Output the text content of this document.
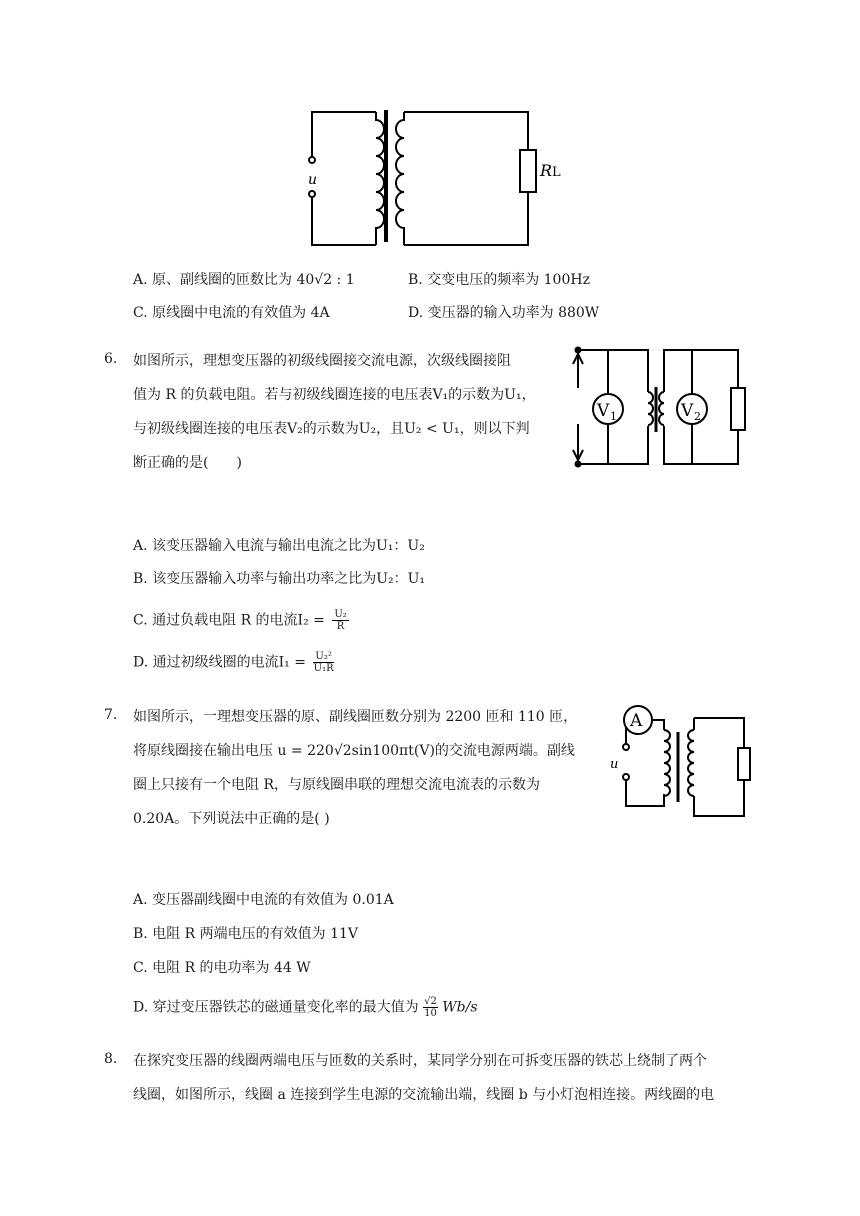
u	R L
A. 原、副线圈的匝数比为 40√2 : 1	B. 交变电压的频率为 100Hz
C. 原线圈中电流的有效值为 4A	D. 变压器的输入功率为 880W
6. 如图所示，理想变压器的初级线圈接交流电源，次级线圈接阻
值为 R 的负载电阻。若与初级线圈连接的电压表V₁的示数为U₁，
与初级线圈连接的电压表V₂的示数为U₂，且U₂ < U₁，则以下判
断正确的是(　　)
V 1	V 2
A. 该变压器输入电流与输出电流之比为U₁：U₂
B. 该变压器输入功率与输出功率之比为U₂：U₁
C. 通过负载电阻 R 的电流$I_2 = \frac{\text{U₂}}{R}$
D. 通过初级线圈的电流$I_1 = \frac{\text{U₂²}}{\text{U₁R}}$
7. 如图所示，一理想变压器的原、副线圈匝数分别为 2200 匝和 110 匝，
将原线圈接在输出电压 u = 220√2sin100πt(V)的交流电源两端。副线
圈上只接有一个电阻 R，与原线圈串联的理想交流电流表的示数为
0.20A。下列说法中正确的是( )
A
u
A. 变压器副线圈中电流的有效值为 0.01A
B. 电阻 R 两端电压的有效值为 11V
C. 电阻 R 的电功率为 44 W
D. 穿过变压器铁芯的磁通量变化率的最大值为 $\frac{√2}{10} Wb/s$
8. 在探究变压器的线圈两端电压与匝数的关系时，某同学分别在可拆变压器的铁芯上绕制了两个
线圈，如图所示，线圈 a 连接到学生电源的交流输出端，线圈 b 与小灯泡相连接。两线圈的电
